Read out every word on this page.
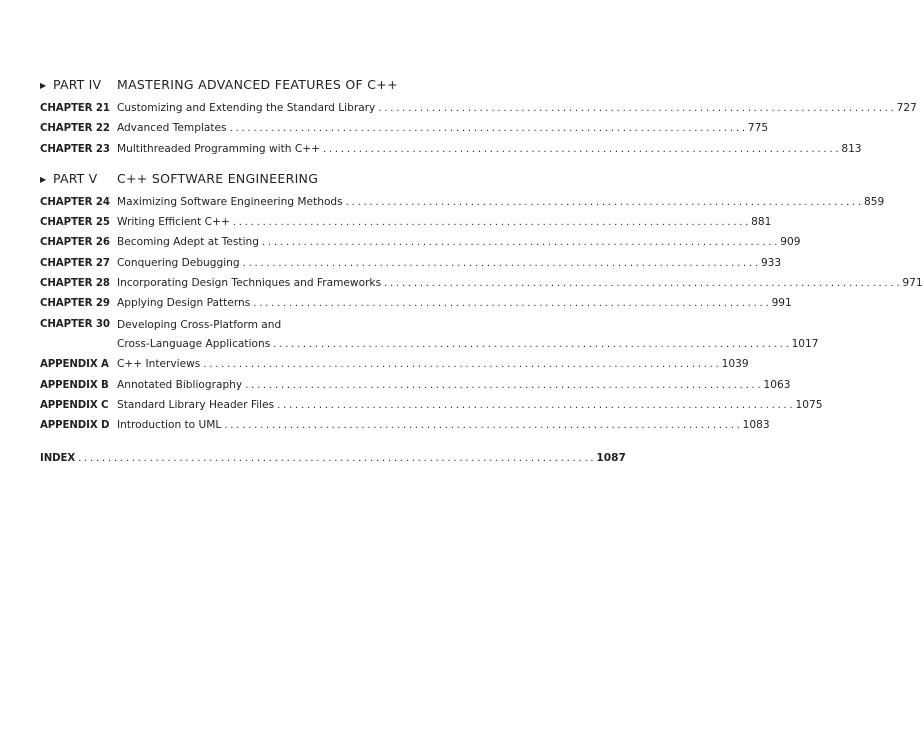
▶ PART IV	MASTERING ADVANCED FEATURES OF C++
CHAPTER 21 Customizing and Extending the Standard Library . . .	727
CHAPTER 22 Advanced Templates . . .	775
CHAPTER 23 Multithreaded Programming with C++ . . .	813
▶ PART V	C++ SOFTWARE ENGINEERING
CHAPTER 24 Maximizing Software Engineering Methods . . .	859
CHAPTER 25 Writing Efficient C++ . . .	881
CHAPTER 26 Becoming Adept at Testing . . .	909
CHAPTER 27 Conquering Debugging . . .	933
CHAPTER 28 Incorporating Design Techniques and Frameworks . . .	971
CHAPTER 29 Applying Design Patterns . . .	991
CHAPTER 30 Developing Cross-Platform and
Cross-Language Applications . . .	1017
APPENDIX A C++ Interviews . . .	1039
APPENDIX B Annotated Bibliography . . .	1063
APPENDIX C Standard Library Header Files . . .	1075
APPENDIX D Introduction to UML . . .	1083
INDEX . . .	1087
